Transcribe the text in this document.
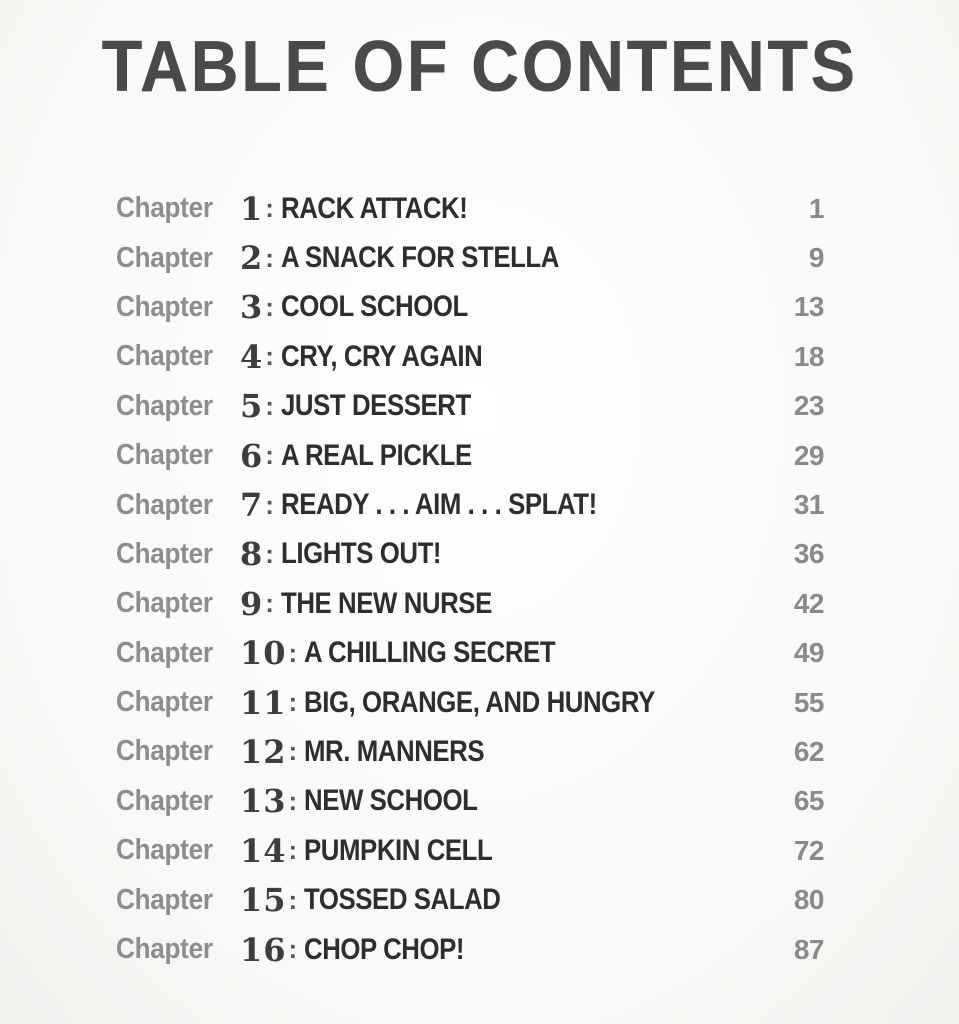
TABLE OF CONTENTS
Chapter 1 : RACK ATTACK!	1
Chapter 2 : A SNACK FOR STELLA	9
Chapter 3 : COOL SCHOOL	13
Chapter 4 : CRY, CRY AGAIN	18
Chapter 5 : JUST DESSERT	23
Chapter 6 : A REAL PICKLE	29
Chapter 7 : READY . . . AIM . . . SPLAT!	31
Chapter 8 : LIGHTS OUT!	36
Chapter 9 : THE NEW NURSE	42
Chapter 10 : A CHILLING SECRET	49
Chapter 11 : BIG, ORANGE, AND HUNGRY	55
Chapter 12 : MR. MANNERS	62
Chapter 13 : NEW SCHOOL	65
Chapter 14 : PUMPKIN CELL	72
Chapter 15 : TOSSED SALAD	80
Chapter 16 : CHOP CHOP!	87
